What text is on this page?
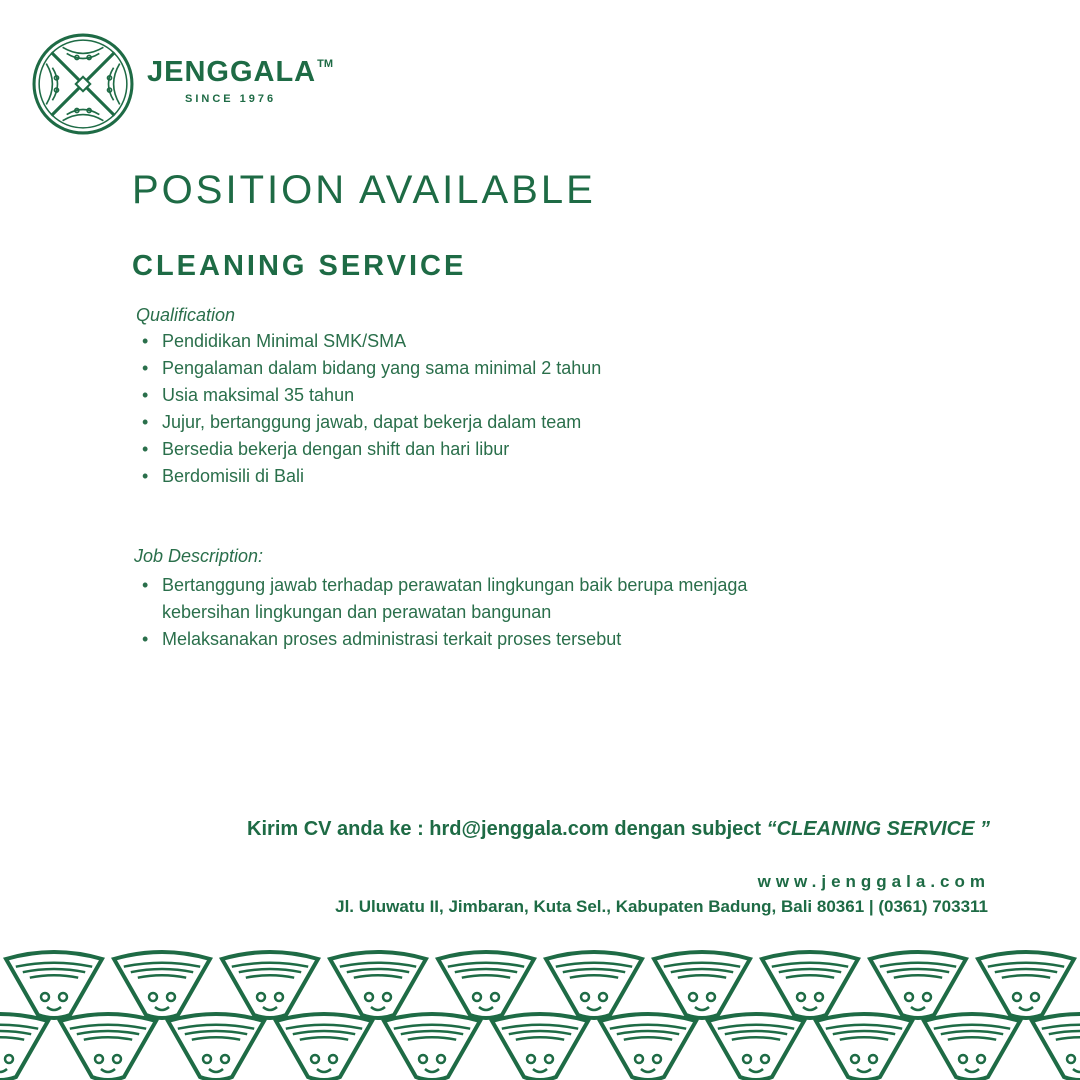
JENGGALA™
SINCE 1976
POSITION AVAILABLE
CLEANING SERVICE
Qualification
• Pendidikan Minimal SMK/SMA
• Pengalaman dalam bidang yang sama minimal 2 tahun
• Usia maksimal 35 tahun
• Jujur, bertanggung jawab, dapat bekerja dalam team
• Bersedia bekerja dengan shift dan hari libur
• Berdomisili di Bali
Job Description:
• Bertanggung jawab terhadap perawatan lingkungan baik berupa menjaga kebersihan lingkungan dan perawatan bangunan
• Melaksanakan proses administrasi terkait proses tersebut
Kirim CV anda ke : hrd@jenggala.com dengan subject “CLEANING SERVICE ”
www.jenggala.com
Jl. Uluwatu II, Jimbaran, Kuta Sel., Kabupaten Badung, Bali 80361 | (0361) 703311
